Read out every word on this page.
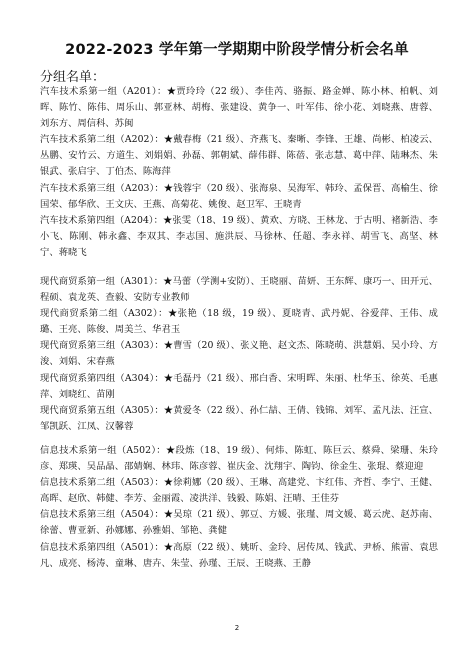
2022-2023 学年第一学期期中阶段学情分析会名单
分组名单：
汽车技术系第一组（A201）：★贾玲玲（22 级）、李佳芮、骆振、路金婵、陈小林、柏帆、刘晖、陈竹、陈伟、周乐山、郭亚林、胡梅、张建设、黄争一、叶军伟、徐小花、刘晓燕、唐蓉、刘东方、周信科、苏闽
汽车技术系第二组（A202）：★戴春梅（21 级）、齐燕飞、秦晰、李锋、王雄、尚彬、柏凌云、丛鹏、安竹云、方道生、刘娟娟、孙磊、郭朝斌、薛伟群、陈蓓、张志慧、葛中萍、陆琳杰、朱银武、张启宇、丁伯杰、陈海萍
汽车技术系第三组（A203）：★钱蓉宇（20 级）、张海泉、吴海军、韩玲、孟保晋、高榆生、徐国荣、郁华欣、王文庆、王燕、高菊花、姚俊、赵卫军、王晓青
汽车技术系第四组（A204）：★张雯（18、19 级）、黄欢、方晓、王林龙、于古明、褚新浩、李小飞、陈刚、韩永鑫、李双其、李志国、施洪辰、马徐林、任超、李永祥、胡雪飞、高坚、林宁、蒋晓飞
现代商贸系第一组（A301）：★马蕾（学测+安防）、王晓丽、苗妍、王东辉、康巧一、田开元、程硕、袁龙英、查毅、安防专业教师
现代商贸系第二组（A302）：★张艳（18 级，19 级）、夏晓青、武丹妮、谷爱萍、王伟、成璐、王亮、陈俊、周美兰、华君玉
现代商贸系第三组（A303）：★曹雪（20 级）、张义艳、赵文杰、陈晓萌、洪慧娟、吴小玲、方浚、刘娟、宋春燕
现代商贸系第四组（A304）：★毛磊丹（21 级）、邢白香、宋明晖、朱丽、杜华玉、徐英、毛惠萍、刘晓红、苗刚
现代商贸系第五组（A305）：★黄爱冬（22 级）、孙仁喆、王倩、钱锦、刘军、孟凡法、汪宣、邹凯跃、江凤、汉馨蓉
信息技术系第一组（A502）：★段炼（18、19 级）、何炜、陈虹、陈巨云、蔡舜、梁珊、朱玲彦、郑瑛、吴品晶、邵婧娴、林玮、陈彦蓉、崔庆金、沈翔宇、陶钧、徐金生、张琨、蔡迎迎
信息技术系第二组（A503）：★徐莉娜（20 级）、王琳、高建党、卞红伟、齐哲、李宁、王健、高晖、赵欣、韩健、李芳、金丽霞、凌洪洋、钱毅、陈娟、汪晴、王佳芬
信息技术系第三组（A504）：★吴琼（21 级）、郭豆、方媛、张瑾、周文媛、葛云虎、赵苏南、徐蕾、曹亚新、孙娜娜、孙雅娟、邹艳、龚健
信息技术系第四组（A501）：★高原（22 级）、姚昕、金玲、居传凤、钱武、尹桥、熊雷、袁思凡、成亮、杨涛、童琳、唐卉、朱莹、孙瑾、王辰、王晓燕、王静
2
